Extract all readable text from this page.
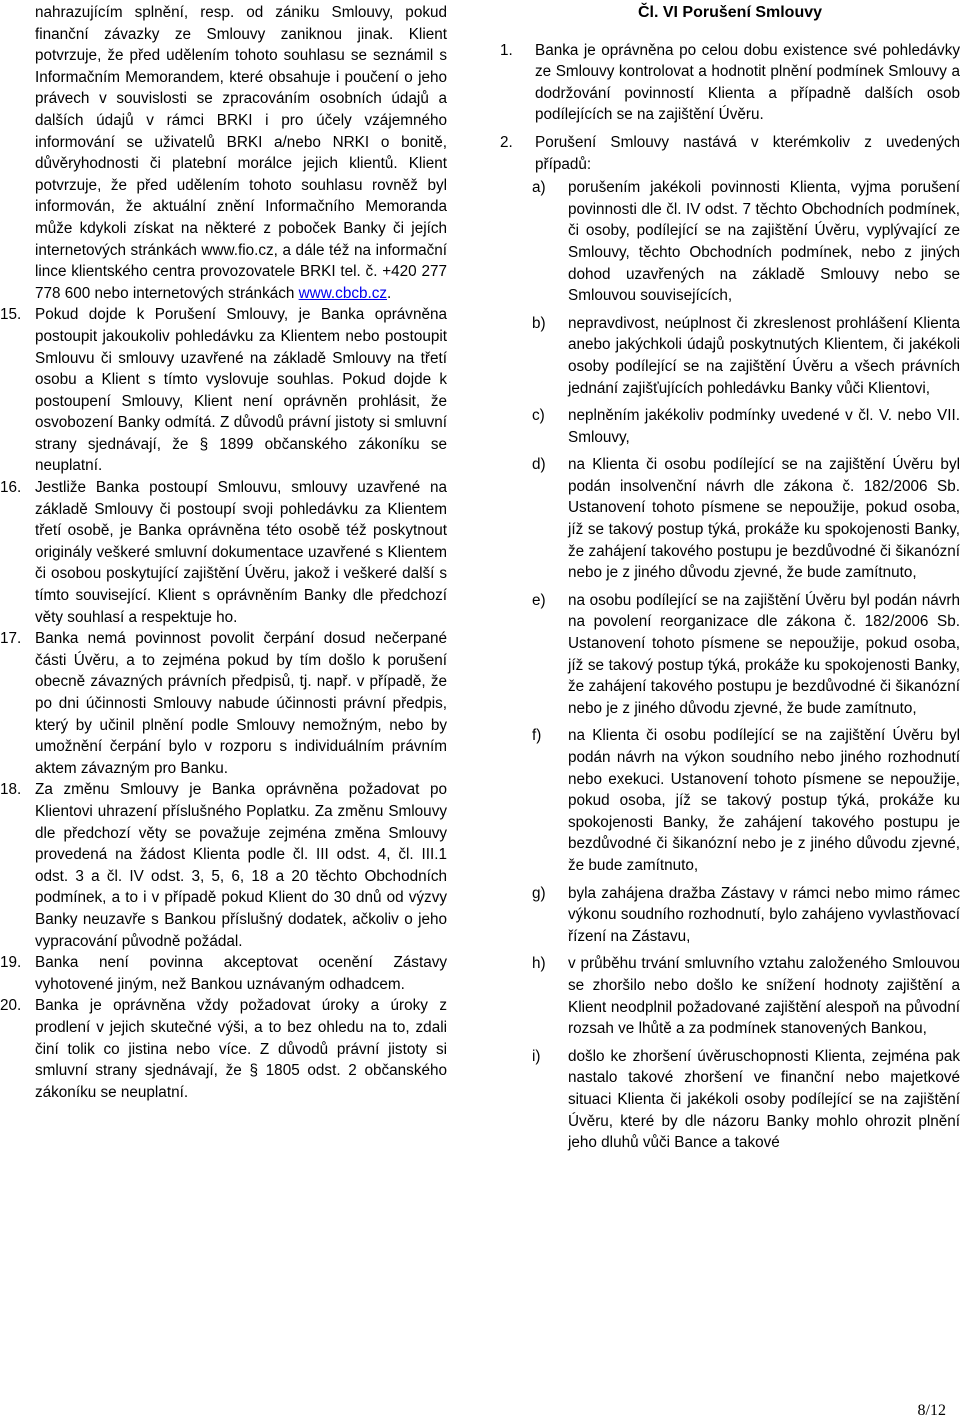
nahrazujícím splnění, resp. od zániku Smlouvy, pokud finanční závazky ze Smlouvy zaniknou jinak. Klient potvrzuje, že před udělením tohoto souhlasu se seznámil s Informačním Memorandem, které obsahuje i poučení o jeho právech v souvislosti se zpracováním osobních údajů a dalších údajů v rámci BRKI i pro účely vzájemného informování se uživatelů BRKI a/nebo NRKI o bonitě, důvěryhodnosti či platební morálce jejich klientů. Klient potvrzuje, že před udělením tohoto souhlasu rovněž byl informován, že aktuální znění Informačního Memoranda může kdykoli získat na některé z poboček Banky či jejích internetových stránkách www.fio.cz, a dále též na informační lince klientského centra provozovatele BRKI tel. č. +420 277 778 600 nebo internetových stránkách www.cbcb.cz.

15. Pokud dojde k Porušení Smlouvy, je Banka oprávněna postoupit jakoukoliv pohledávku za Klientem nebo postoupit Smlouvu či smlouvy uzavřené na základě Smlouvy na třetí osobu a Klient s tímto vyslovuje souhlas. Pokud dojde k postoupení Smlouvy, Klient není oprávněn prohlásit, že osvobození Banky odmítá. Z důvodů právní jistoty si smluvní strany sjednávají, že § 1899 občanského zákoníku se neuplatní.

16. Jestliže Banka postoupí Smlouvu, smlouvy uzavřené na základě Smlouvy či postoupí svoji pohledávku za Klientem třetí osobě, je Banka oprávněna této osobě též poskytnout originály veškeré smluvní dokumentace uzavřené s Klientem či osobou poskytující zajištění Úvěru, jakož i veškeré další s tímto související. Klient s oprávněním Banky dle předchozí věty souhlasí a respektuje ho.

17. Banka nemá povinnost povolit čerpání dosud nečerpané části Úvěru, a to zejména pokud by tím došlo k porušení obecně závazných právních předpisů, tj. např. v případě, že po dni účinnosti Smlouvy nabude účinnosti právní předpis, který by učinil plnění podle Smlouvy nemožným, nebo by umožnění čerpání bylo v rozporu s individuálním právním aktem závazným pro Banku.

18. Za změnu Smlouvy je Banka oprávněna požadovat po Klientovi uhrazení příslušného Poplatku. Za změnu Smlouvy dle předchozí věty se považuje zejména změna Smlouvy provedená na žádost Klienta podle čl. III odst. 4, čl. III.1 odst. 3 a čl. IV odst. 3, 5, 6, 18 a 20 těchto Obchodních podmínek, a to i v případě pokud Klient do 30 dnů od výzvy Banky neuzavře s Bankou příslušný dodatek, ačkoliv o jeho vypracování původně požádal.

19. Banka není povinna akceptovat ocenění Zástavy vyhotovené jiným, než Bankou uznávaným odhadcem.

20. Banka je oprávněna vždy požadovat úroky a úroky z prodlení v jejich skutečné výši, a to bez ohledu na to, zdali činí tolik co jistina nebo více. Z důvodů právní jistoty si smluvní strany sjednávají, že § 1805 odst. 2 občanského zákoníku se neuplatní.

Čl. VI Porušení Smlouvy

1. Banka je oprávněna po celou dobu existence své pohledávky ze Smlouvy kontrolovat a hodnotit plnění podmínek Smlouvy a dodržování povinností Klienta a případně dalších osob podílejících se na zajištění Úvěru.

2. Porušení Smlouvy nastává v kterémkoliv z uvedených případů:

a) porušením jakékoli povinnosti Klienta, vyjma porušení povinnosti dle čl. IV odst. 7 těchto Obchodních podmínek, či osoby, podílející se na zajištění Úvěru, vyplývající ze Smlouvy, těchto Obchodních podmínek, nebo z jiných dohod uzavřených na základě Smlouvy nebo se Smlouvou souvisejících,

b) nepravdivost, neúplnost či zkreslenost prohlášení Klienta anebo jakýchkoli údajů poskytnutých Klientem, či jakékoli osoby podílející se na zajištění Úvěru a všech právních jednání zajišťujících pohledávku Banky vůči Klientovi,

c) neplněním jakékoliv podmínky uvedené v čl. V. nebo VII. Smlouvy,

d) na Klienta či osobu podílející se na zajištění Úvěru byl podán insolvenční návrh dle zákona č. 182/2006 Sb. Ustanovení tohoto písmene se nepoužije, pokud osoba, jíž se takový postup týká, prokáže ku spokojenosti Banky, že zahájení takového postupu je bezdůvodné či šikanózní nebo je z jiného důvodu zjevné, že bude zamítnuto,

e) na osobu podílející se na zajištění Úvěru byl podán návrh na povolení reorganizace dle zákona č. 182/2006 Sb. Ustanovení tohoto písmene se nepoužije, pokud osoba, jíž se takový postup týká, prokáže ku spokojenosti Banky, že zahájení takového postupu je bezdůvodné či šikanózní nebo je z jiného důvodu zjevné, že bude zamítnuto,

f) na Klienta či osobu podílející se na zajištění Úvěru byl podán návrh na výkon soudního nebo jiného rozhodnutí nebo exekuci. Ustanovení tohoto písmene se nepoužije, pokud osoba, jíž se takový postup týká, prokáže ku spokojenosti Banky, že zahájení takového postupu je bezdůvodné či šikanózní nebo je z jiného důvodu zjevné, že bude zamítnuto,

g) byla zahájena dražba Zástavy v rámci nebo mimo rámec výkonu soudního rozhodnutí, bylo zahájeno vyvlastňovací řízení na Zástavu,

h) v průběhu trvání smluvního vztahu založeného Smlouvou se zhoršilo nebo došlo ke snížení hodnoty zajištění a Klient neodplnil požadované zajištění alespoň na původní rozsah ve lhůtě a za podmínek stanovených Bankou,

i) došlo ke zhoršení úvěruschopnosti Klienta, zejména pak nastalo takové zhoršení ve finanční nebo majetkové situaci Klienta či jakékoli osoby podílející se na zajištění Úvěru, které by dle názoru Banky mohlo ohrozit plnění jeho dluhů vůči Bance a takové

8/12
